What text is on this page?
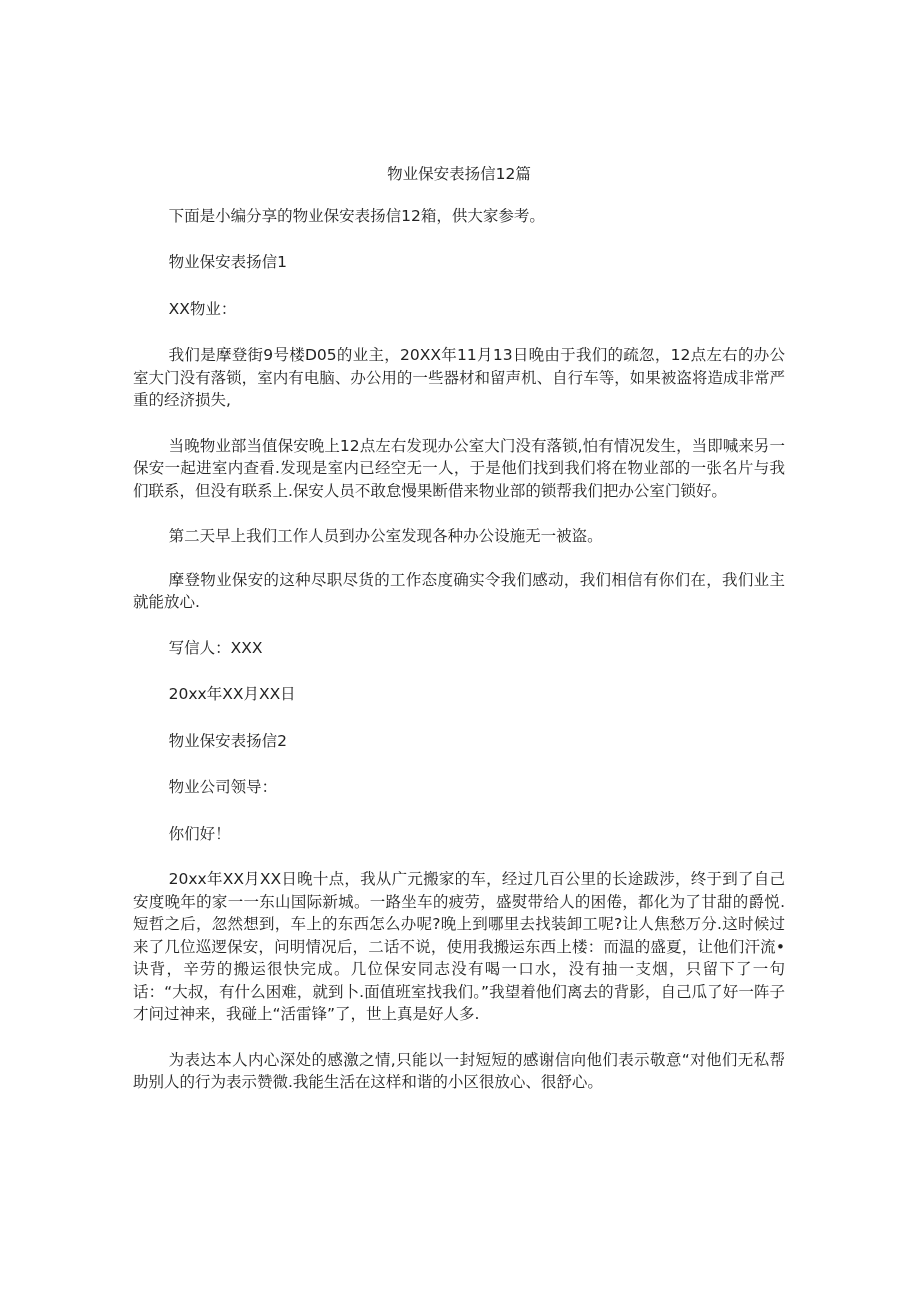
物业保安表扬信12篇

下面是小编分享的物业保安表扬信12箱，供大家参考。

物业保安表扬信1

XX物业：

我们是摩登街9号楼D05的业主，20XX年11月13日晚由于我们的疏忽，12点左右的办公室大门没有落锁，室内有电脑、办公用的一些器材和留声机、自行车等，如果被盗将造成非常严重的经济损失,

当晚物业部当值保安晚上12点左右发现办公室大门没有落锁,怕有情况发生，当即喊来另一保安一起进室内查看.发现是室内已经空无一人，于是他们找到我们将在物业部的一张名片与我们联系，但没有联系上.保安人员不敢怠慢果断借来物业部的锁帮我们把办公室门锁好。

第二天早上我们工作人员到办公室发现各种办公设施无一被盗。

摩登物业保安的这种尽职尽货的工作态度确实令我们感动，我们相信有你们在，我们业主就能放心.

写信人：XXX

20xx年XX月XX日

物业保安表扬信2

物业公司领导：

你们好！

20xx年XX月XX日晚十点，我从广元搬家的车，经过几百公里的长途跋涉，终于到了自己安度晚年的家一一东山国际新城。一路坐车的疲劳，盛熨带给人的困倦，都化为了甘甜的爵悦.短哲之后，忽然想到，车上的东西怎么办呢?晚上到哪里去找装卸工呢?让人焦愁万分.这时候过来了几位巡逻保安，问明情况后，二话不说，使用我搬运东西上楼：而温的盛夏，让他们汗流•诀背，辛劳的搬运很快完成。几位保安同志没有喝一口水，没有抽一支烟，只留下了一句话：“大叔，有什么困难，就到卜.面值班室找我们。”我望着他们离去的背影，自己瓜了好一阵子才问过神来，我碰上“活雷锋”了，世上真是好人多.

为表达本人内心深处的感激之情,只能以一封短短的感谢信向他们表示敬意“对他们无私帮助别人的行为表示赞微.我能生活在这样和谐的小区很放心、很舒心。
